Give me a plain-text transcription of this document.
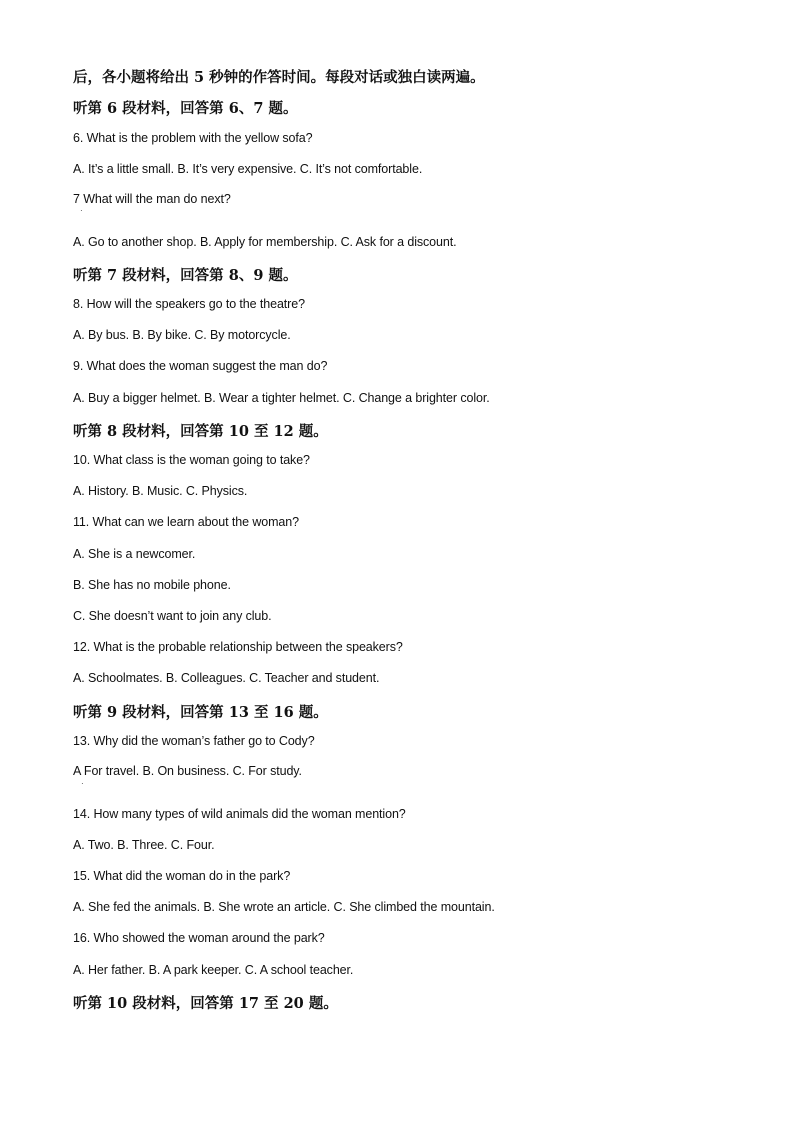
后，各小题将给出 5 秒钟的作答时间。每段对话或独白读两遍。
听第 6 段材料，回答第 6、7 题。
6. What is the problem with the yellow sofa?
A. It’s a little small. B. It’s very expensive. C. It’s not comfortable.
7 What will the man do next?
·
A. Go to another shop. B. Apply for membership. C. Ask for a discount.
听第 7 段材料，回答第 8、9 题。
8. How will the speakers go to the theatre?
A. By bus. B. By bike. C. By motorcycle.
9. What does the woman suggest the man do?
A. Buy a bigger helmet. B. Wear a tighter helmet. C. Change a brighter color.
听第 8 段材料，回答第 10 至 12 题。
10. What class is the woman going to take?
A. History. B. Music. C. Physics.
11. What can we learn about the woman?
A. She is a newcomer.
B. She has no mobile phone.
C. She doesn’t want to join any club.
12. What is the probable relationship between the speakers?
A. Schoolmates. B. Colleagues. C. Teacher and student.
听第 9 段材料，回答第 13 至 16 题。
13. Why did the woman’s father go to Cody?
A For travel. B. On business. C. For study.
·
14. How many types of wild animals did the woman mention?
A. Two. B. Three. C. Four.
15. What did the woman do in the park?
A. She fed the animals. B. She wrote an article. C. She climbed the mountain.
16. Who showed the woman around the park?
A. Her father. B. A park keeper. C. A school teacher.
听第 10 段材料，回答第 17 至 20 题。
